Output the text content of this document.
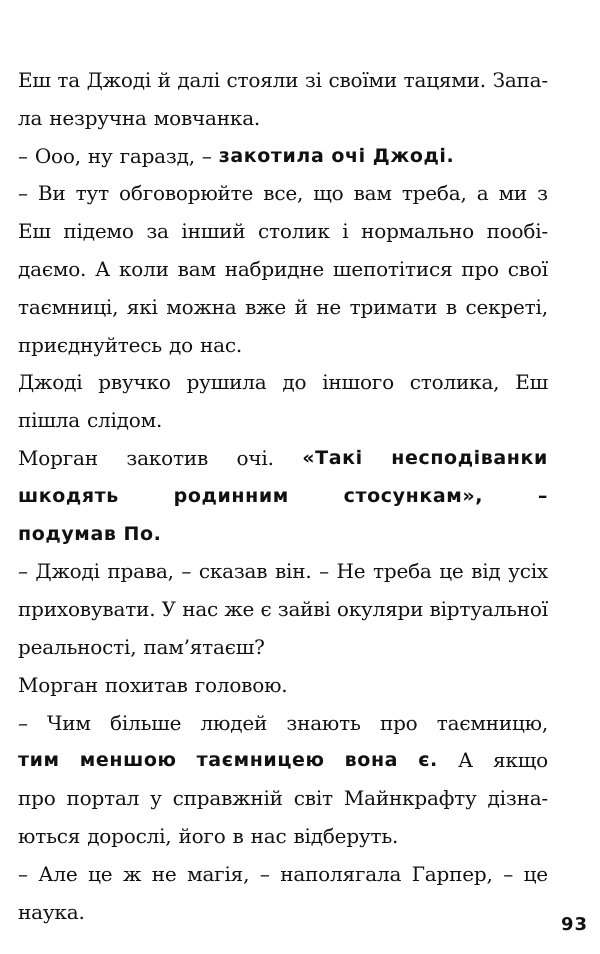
Еш та Джоді й далі стояли зі своїми тацями. Запа-
ла незручна мовчанка.
– Ооо, ну гаразд, – закотила очі Джоді.
– Ви тут обговорюйте все, що вам треба, а ми з
Еш підемо за інший столик і нормально пообі-
даємо. А коли вам набридне шепотітися про свої
таємниці, які можна вже й не тримати в секреті,
приєднуйтесь до нас.
Джоді рвучко рушила до іншого столика, Еш
пішла слідом.
Морган закотив очі. «Такі несподіванки
шкодять	родинним	стосункам»,	–
подумав По.
– Джоді права, – сказав він. – Не треба це від усіх
приховувати. У нас же є зайві окуляри віртуальної
реальності, пам’ятаєш?
Морган похитав головою.
– Чим більше людей знають про таємницю,
тим меншою таємницею вона є. А якщо
про портал у справжній світ Майнкрафту дізна-
ються дорослі, його в нас відберуть.
– Але це ж не магія, – наполягала Гарпер, – це
наука.
93
